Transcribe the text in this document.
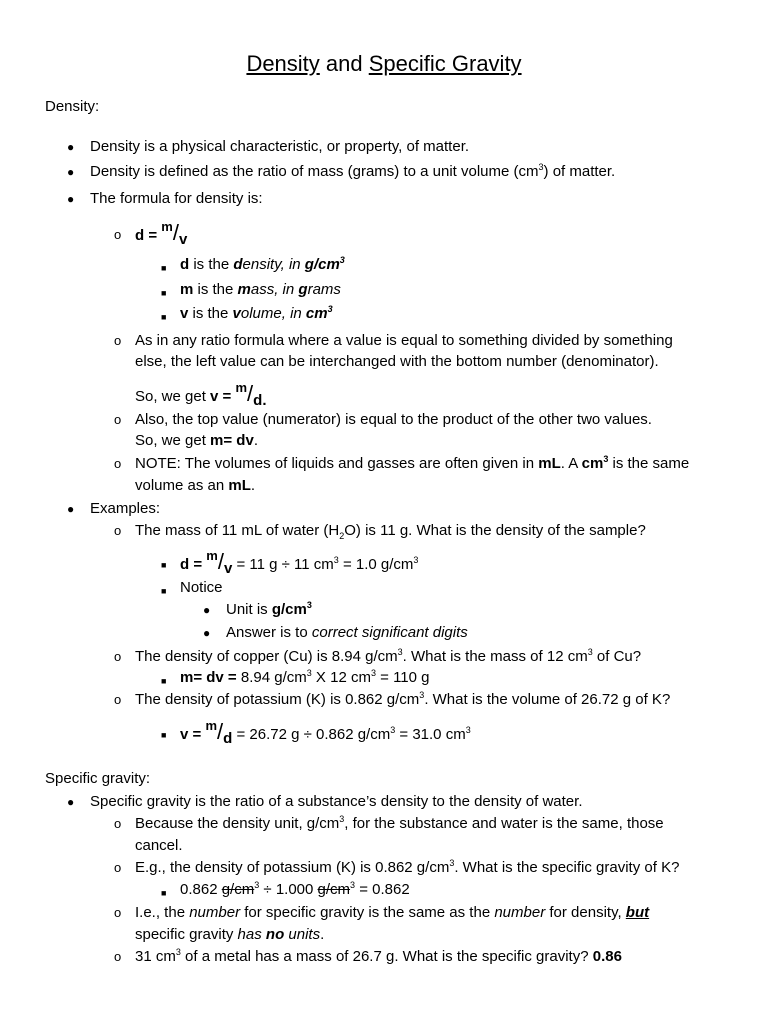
Density and Specific Gravity
Density:
● Density is a physical characteristic, or property, of matter.
● Density is defined as the ratio of mass (grams) to a unit volume $(cm^3)$ of matter.
● The formula for density is:
o d = m/v
■ d is the density, in $g/cm^3$
■ m is the mass, in grams
■ v is the volume, in $cm^3$
o As in any ratio formula where a value is equal to something divided by something
else, the left value can be interchanged with the bottom number (denominator).
So, we get v = m/d.
o Also, the top value (numerator) is equal to the product of the other two values.
So, we get m= dv.
o NOTE: The volumes of liquids and gasses are often given in mL. A $cm^3$ is the same
volume as an mL.
● Examples:
o The mass of 11 mL of water $(H_2O)$ is 11 g. What is the density of the sample?
■ d = m/v = 11 g ÷ 11 $cm^3 = 1.0$ $g/cm^3$
■ Notice
● Unit is $g/cm^3$
● Answer is to correct significant digits
o The density of copper (Cu) is 8.94 $g/cm^3$. What is the mass of 12 $cm^3$ of Cu?
■ m= dv = 8.94 $g/cm^3$ X 12 $cm^3 = 110$ g
o The density of potassium (K) is 0.862 $g/cm^3$. What is the volume of 26.72 g of K?
■ v = m/d = 26.72 g ÷ 0.862 $g/cm^3 = 31.0$ $cm^3$
Specific gravity:
● Specific gravity is the ratio of a substance’s density to the density of water.
o Because the density unit, $g/cm^3$, for the substance and water is the same, those
cancel.
o E.g., the density of potassium (K) is 0.862 $g/cm^3$. What is the specific gravity of K?
■ 0.862 $g/cm^3 \div 1.000$ $g/cm^3 = 0.862$
o I.e., the number for specific gravity is the same as the number for density, but
specific gravity has no units.
o 31 $cm^3$ of a metal has a mass of 26.7 g. What is the specific gravity? 0.86
